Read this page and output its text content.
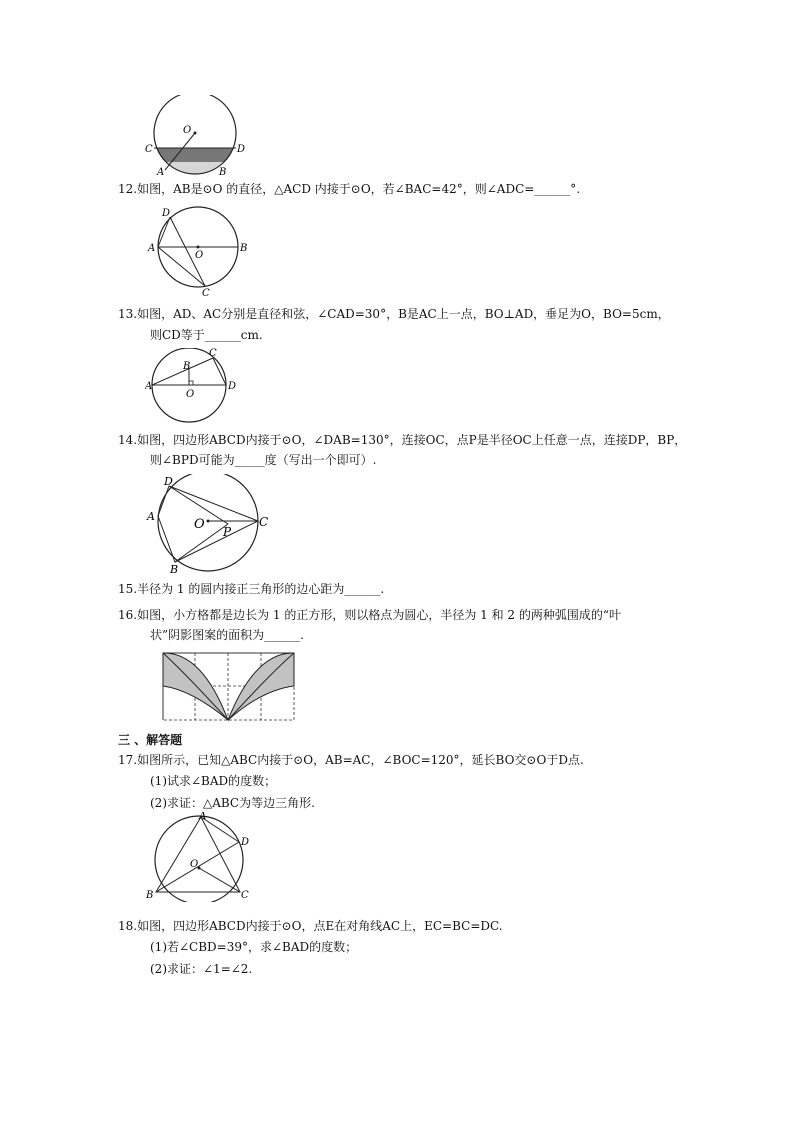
O
C	D
A	B
12.如图，AB是⊙O 的直径，△ACD 内接于⊙O，若∠BAC=42°，则∠ADC=______°.
D
A
O
B
C
13.如图，AD、AC分别是直径和弦，∠CAD=30°，B是AC上一点，BO⊥AD，垂足为O，BO=5cm，
则CD等于______cm.
C
B
A
O
D
14.如图，四边形ABCD内接于⊙O，∠DAB=130°，连接OC，点P是半径OC上任意一点，连接DP，BP，
则∠BPD可能为_____度（写出一个即可）.
D
A
O P
C
B
15.半径为 1 的圆内接正三角形的边心距为______.
16.如图，小方格都是边长为 1 的正方形，则以格点为圆心，半径为 1 和 2 的两种弧围成的“叶
状”阴影图案的面积为______.
三 、解答题
17.如图所示，已知△ABC内接于⊙O，AB=AC，∠BOC=120°，延长BO交⊙O于D点.
(1)试求∠BAD的度数；
(2)求证：△ABC为等边三角形.
A
D
O
B	C
18.如图，四边形ABCD内接于⊙O，点E在对角线AC上，EC=BC=DC.
(1)若∠CBD=39°，求∠BAD的度数；
(2)求证：∠1=∠2.
